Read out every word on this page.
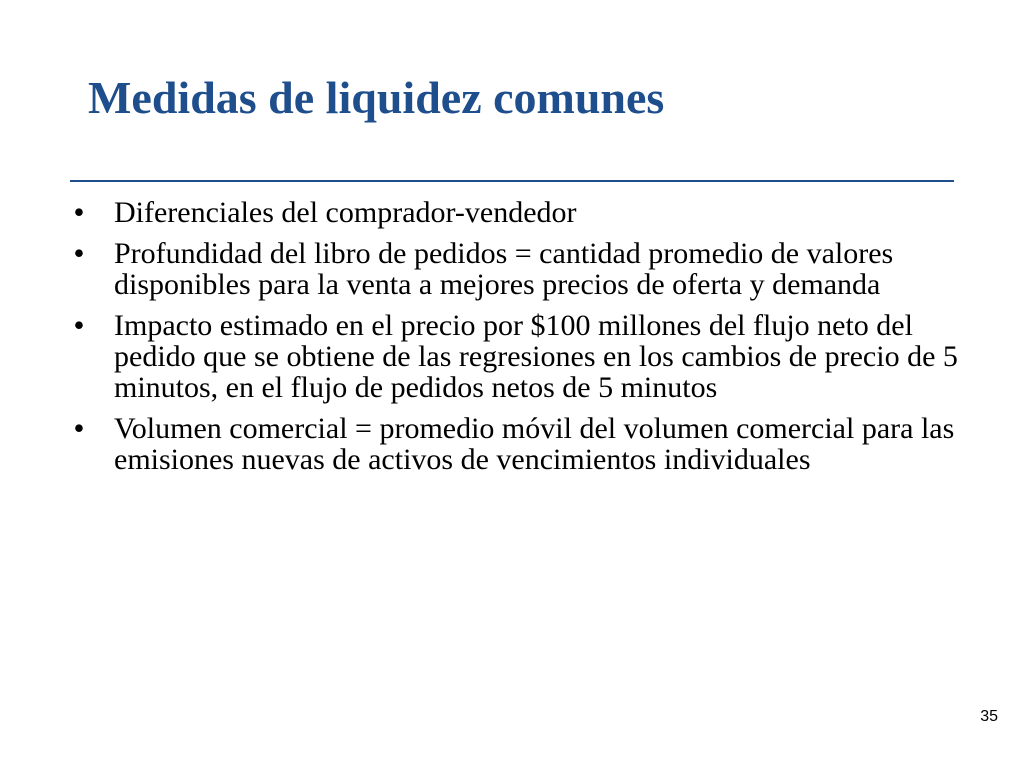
Medidas de liquidez comunes
• Diferenciales del comprador-vendedor
• Profundidad del libro de pedidos = cantidad promedio de valores disponibles para la venta a mejores precios de oferta y demanda
• Impacto estimado en el precio por $100 millones del flujo neto del pedido que se obtiene de las regresiones en los cambios de precio de 5 minutos, en el flujo de pedidos netos de 5 minutos
• Volumen comercial = promedio móvil del volumen comercial para las emisiones nuevas de activos de vencimientos individuales
35
